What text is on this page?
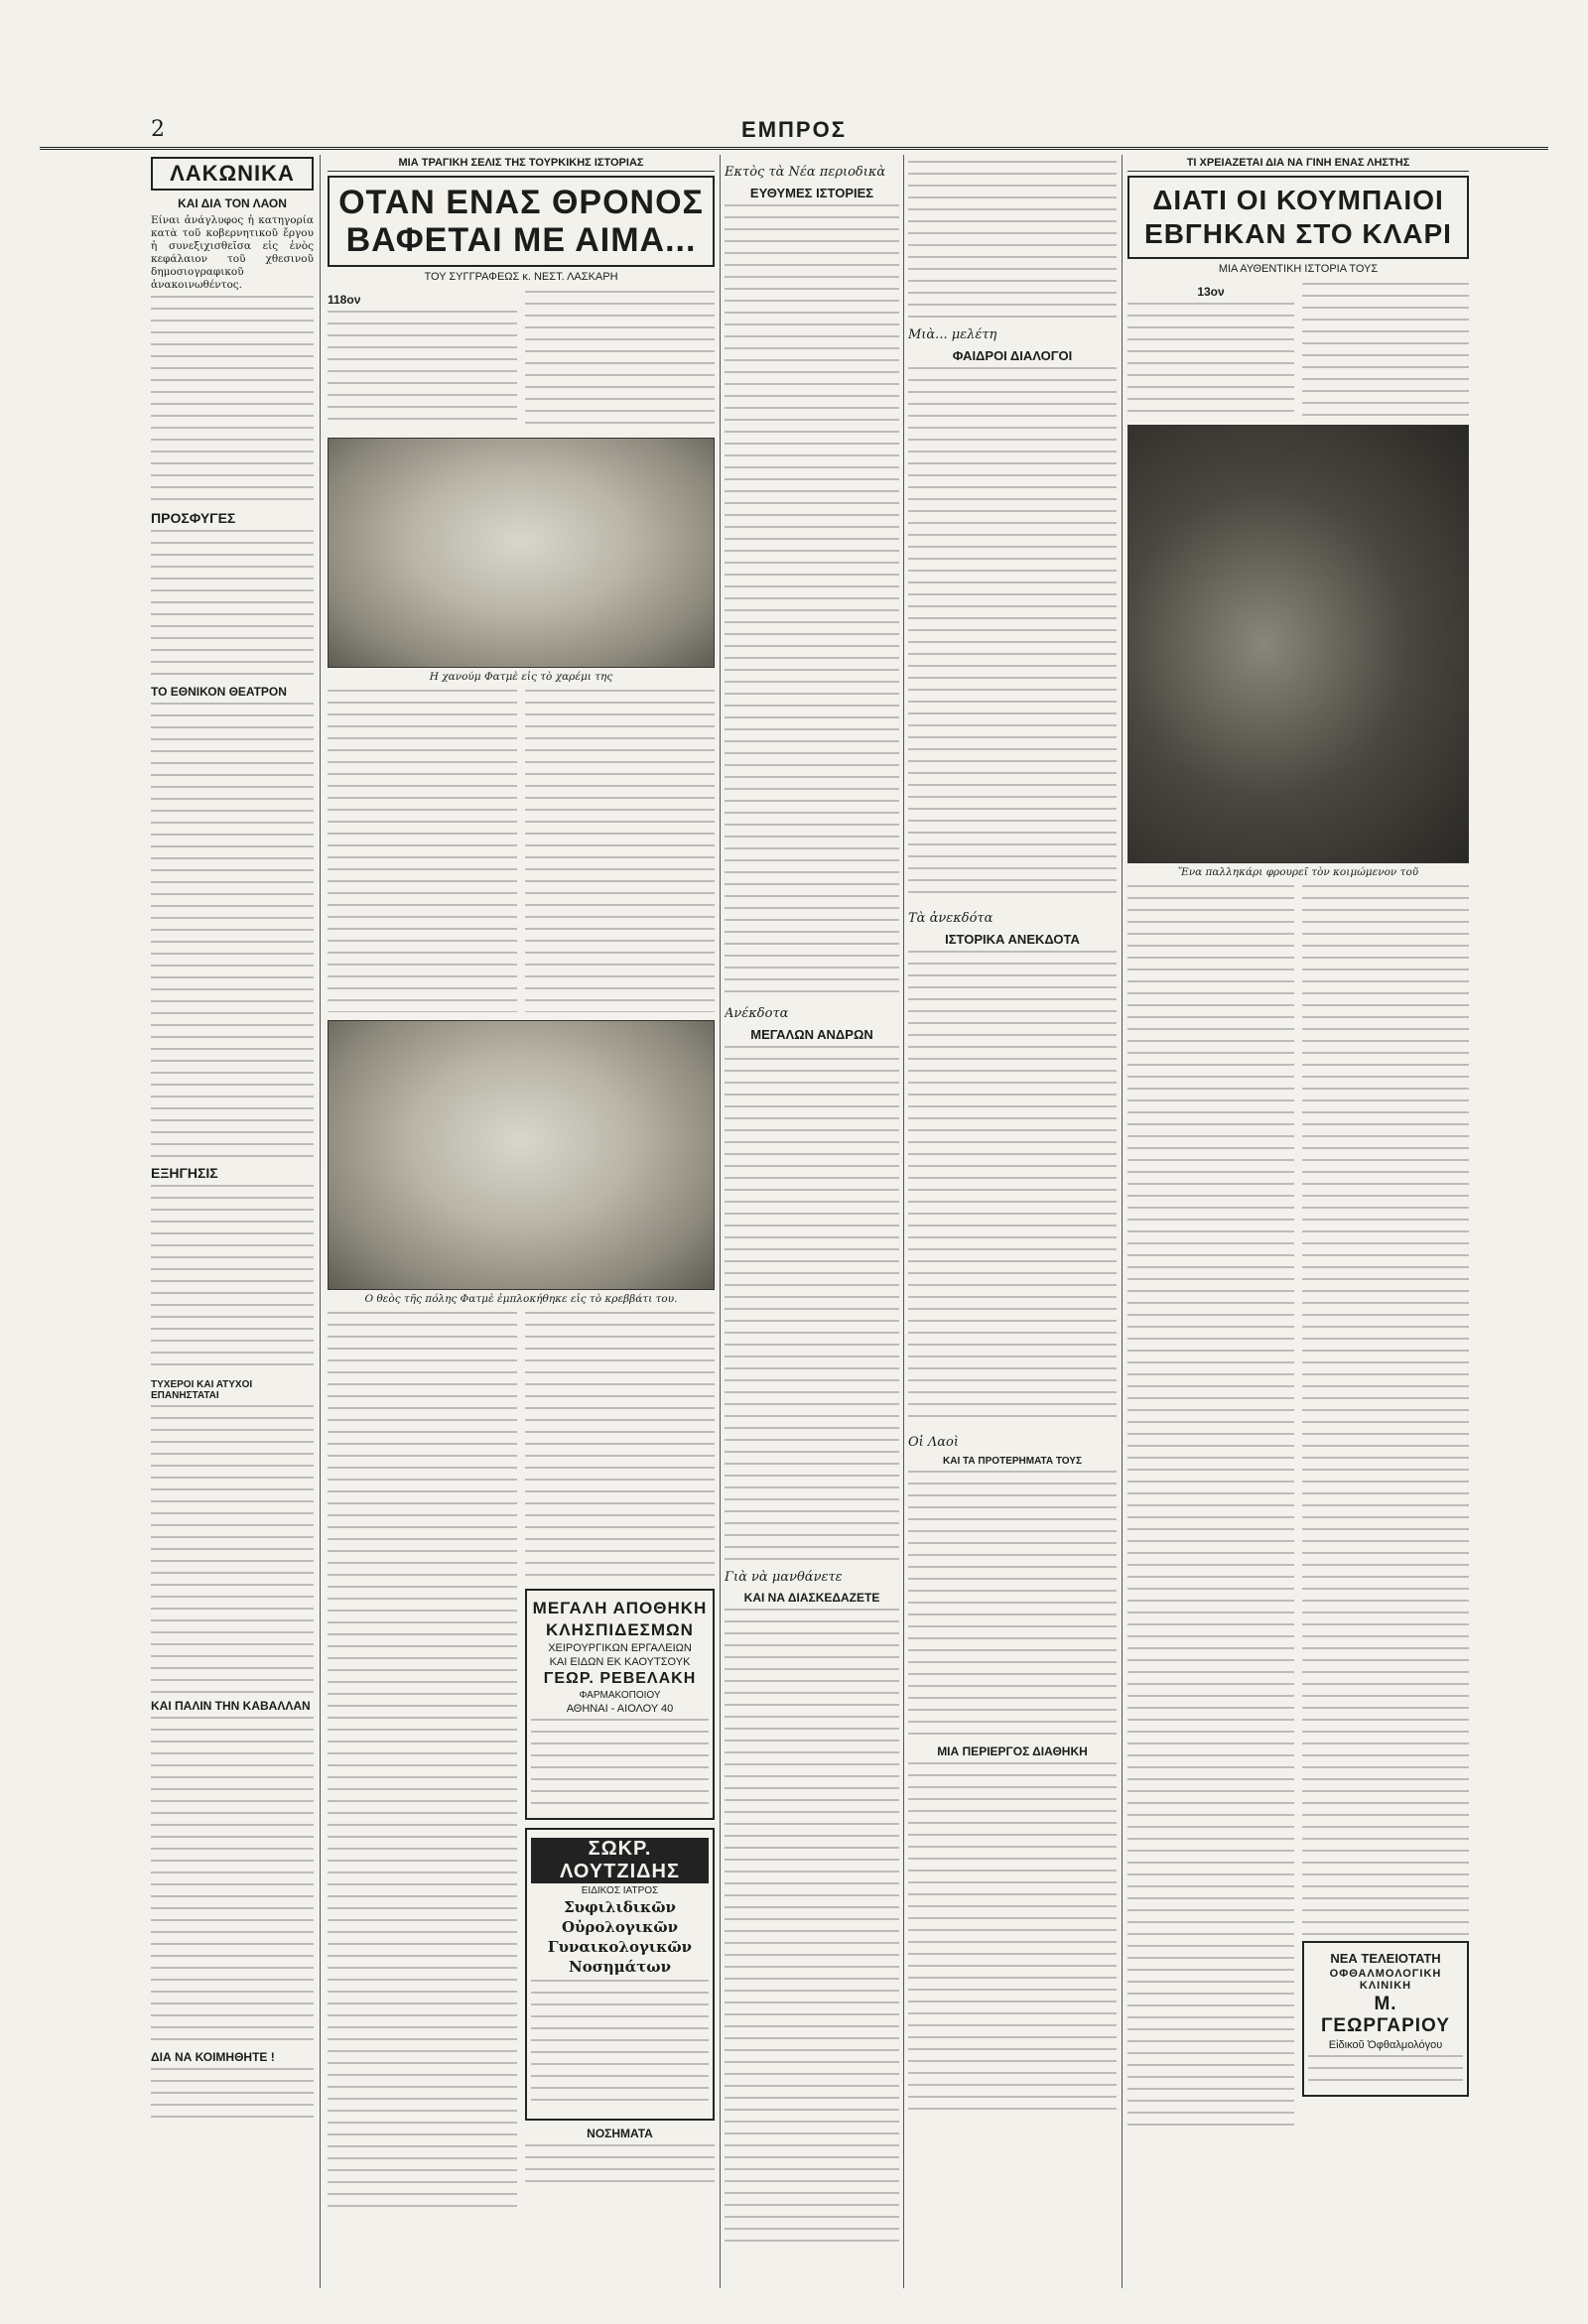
2	ΕΜΠΡΟΣ
ΛΑΚΩΝΙΚΑ
ΚΑΙ ΔΙΑ ΤΟΝ ΛΑΟΝ

Είναι ἀνάγλυφος ἡ κατηγορία κατὰ τοῦ κοβερνητικοῦ ἔργου ἡ συνεξιχισθεῖσα εἰς ἐνὸς κεφάλαιον τοῦ χθεσινοῦ δημοσιογραφικοῦ ἀνακοινωθέντος.

ΠΡΟΣΦΥΓΕΣ
ΤΟ ΕΘΝΙΚΟΝ ΘΕΑΤΡΟΝ
ΕΞΗΓΗΣΙΣ
ΤΥΧΕΡΟΙ ΚΑΙ ΑΤΥΧΟΙ ΕΠΑΝΗΣΤΑΤΑΙ
ΚΑΙ ΠΑΛΙΝ ΤΗΝ ΚΑΒΑΛΛΑΝ
ΔΙΑ ΝΑ ΚΟΙΜΗΘΗΤΕ !
ΜΙΑ ΤΡΑΓΙΚΗ ΣΕΛΙΣ ΤΗΣ ΤΟΥΡΚΙΚΗΣ ΙΣΤΟΡΙΑΣ
ΟΤΑΝ ΕΝΑΣ ΘΡΟΝΟΣ
ΒΑΦΕΤΑΙ ΜΕ ΑΙΜΑ...
ΤΟΥ ΣΥΓΓΡΑΦΕΩΣ κ. ΝΕΣΤ. ΛΑΣΚΑΡΗ
118ον
Η χανούμ Φατμὲ εἰς τὸ χαρέμι της
Ο θεὸς τῆς πόλης Φατμὲ ἐμπλοκήθηκε εἰς τὸ κρεββάτι του.
ΜΕΓΑΛΗ ΑΠΟΘΗΚΗ
ΚΛΗΣΠΙΔΕΣΜΩΝ
ΧΕΙΡΟΥΡΓΙΚΩΝ ΕΡΓΑΛΕΙΩΝ
ΚΑΙ ΕΙΔΩΝ ΕΚ ΚΑΟΥΤΣΟΥΚ
ΓΕΩΡ. ΡΕΒΕΛΑΚΗ
ΦΑΡΜΑΚΟΠΟΙΟΥ
ΑΘΗΝΑΙ - ΑΙΟΛΟΥ 40
ΣΩΚΡ. ΛΟΥΤΖΙΔΗΣ
ΕΙΔΙΚΟΣ ΙΑΤΡΟΣ
Συφιλιδικῶν
Οὐρολογικῶν
Γυναικολογικῶν
Νοσημάτων
ΝΟΣΗΜΑΤΑ
Εκτὸς τὰ Νέα περιοδικὰ
ΕΥΘΥΜΕΣ ΙΣΤΟΡΙΕΣ
Ανέκδοτα
ΜΕΓΑΛΩΝ ΑΝΔΡΩΝ
Γιὰ νὰ μανθάνετε
ΚΑΙ ΝΑ ΔΙΑΣΚΕΔΑΖΕΤΕ
Μιὰ... μελέτη
ΦΑΙΔΡΟΙ ΔΙΑΛΟΓΟΙ
Τὰ ἀνεκδότα
ΙΣΤΟΡΙΚΑ ΑΝΕΚΔΟΤΑ
Οἱ Λαοὶ
ΚΑΙ ΤΑ ΠΡΟΤΕΡΗΜΑΤΑ ΤΟΥΣ
ΜΙΑ ΠΕΡΙΕΡΓΟΣ ΔΙΑΘΗΚΗ
ΤΙ ΧΡΕΙΑΖΕΤΑΙ ΔΙΑ ΝΑ ΓΙΝΗ ΕΝΑΣ ΛΗΣΤΗΣ
ΔΙΑΤΙ ΟΙ ΚΟΥΜΠΑΙΟΙ
ΕΒΓΗΚΑΝ ΣΤΟ ΚΛΑΡΙ
ΜΙΑ ΑΥΘΕΝΤΙΚΗ ΙΣΤΟΡΙΑ ΤΟΥΣ
13ον
Ἕνα παλληκάρι φρουρεῖ τὸν κοιμώμενον τοῦ
ΝΕΑ ΤΕΛΕΙΟΤΑΤΗ
ΟΦΘΑΛΜΟΛΟΓΙΚΗ ΚΛΙΝΙΚΗ
Μ. ΓΕΩΡΓΑΡΙΟΥ
Εἰδικοῦ Ὀφθαλμολόγου
